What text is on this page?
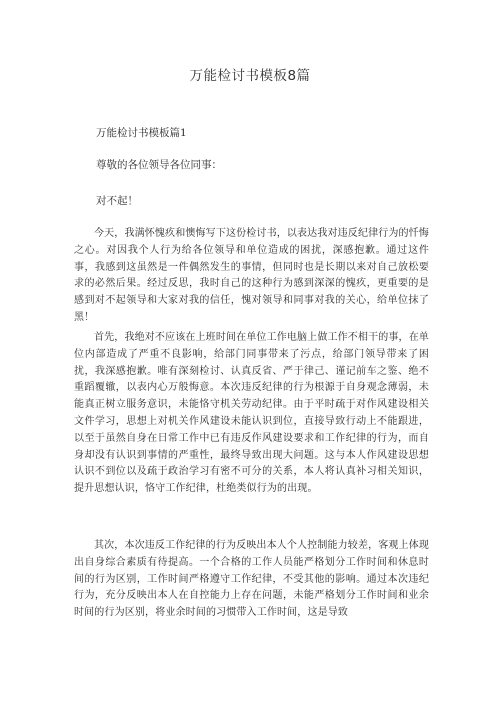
万能检讨书模板8篇
万能检讨书模板篇1
尊敬的各位领导各位同事：
对不起！
今天，我满怀愧疚和懊悔写下这份检讨书，以表达我对违反纪律行为的忏悔之心。对因我个人行为给各位领导和单位造成的困扰，深感抱歉。通过这件事，我感到这虽然是一件偶然发生的事情，但同时也是长期以来对自己放松要求的必然后果。经过反思，我时自己的这种行为感到深深的愧疚，更重要的是感到对不起领导和大家对我的信任，愧对领导和同事对我的关心，给单位抹了黑！
首先，我绝对不应该在上班时间在单位工作电脑上做工作不相干的事，在单位内部造成了严重不良影响，给部门同事带来了污点，给部门领导带来了困扰，我深感抱歉。唯有深刻检讨、认真反省、严于律己、谨记前车之鉴、绝不重蹈覆辙，以表内心万般悔意。本次违反纪律的行为根源于自身观念薄弱，未能真正树立服务意识，未能恪守机关劳动纪律。由于平时疏于对作风建设相关文件学习，思想上对机关作风建设未能认识到位，直接导致行动上不能跟进，以至于虽然自身在日常工作中已有违反作风建设要求和工作纪律的行为，而自身却没有认识到事情的严重性，最终导致出现大问题。这与本人作风建设思想认识不到位以及疏于政治学习有密不可分的关系，本人将认真补习相关知识，提升思想认识，恪守工作纪律，杜绝类似行为的出现。
其次，本次违反工作纪律的行为反映出本人个人控制能力较差，客观上体现出自身综合素质有待提高。一个合格的工作人员能严格划分工作时间和休息时间的行为区别，工作时间严格遵守工作纪律，不受其他的影响。通过本次违纪行为，充分反映出本人在自控能力上存在问题，未能严格划分工作时间和业余时间的行为区别，将业余时间的习惯带入工作时间，这是导致
